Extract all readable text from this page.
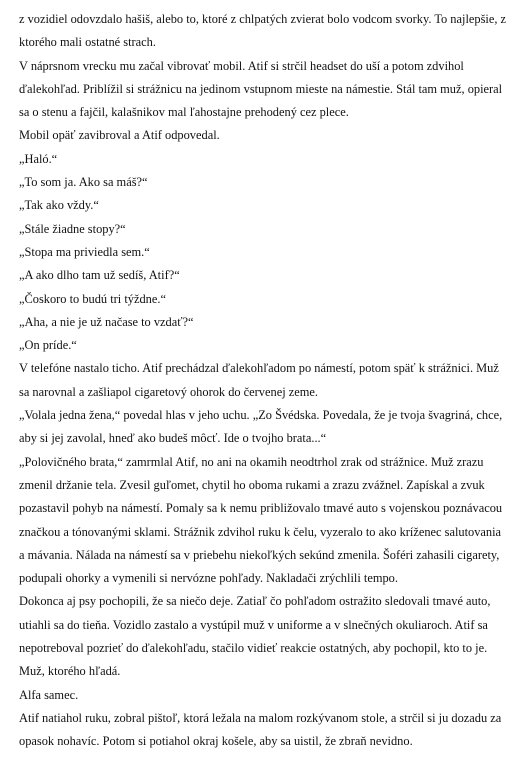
z vozidiel odovzdalo hašiš, alebo to, ktoré z chlpatých zvierat bolo vodcom svorky. To najlepšie, z ktorého mali ostatné strach.

V náprsnom vrecku mu začal vibrovať mobil. Atif si strčil headset do uší a potom zdvihol ďalekohľad. Priblížil si strážnicu na jedinom vstupnom mieste na námestie. Stál tam muž, opieral sa o stenu a fajčil, kalašnikov mal ľahostajne prehodený cez plece.

Mobil opäť zavibroval a Atif odpovedal.

„Haló.“

„To som ja. Ako sa máš?“

„Tak ako vždy.“

„Stále žiadne stopy?“

„Stopa ma priviedla sem.“

„A ako dlho tam už sedíš, Atif?“

„Čoskoro to budú tri týždne.“

„Aha, a nie je už načase to vzdať?“

„On príde.“

V telefóne nastalo ticho. Atif prechádzal ďalekohľadom po námestí, potom späť k strážnici. Muž sa narovnal a zašliapol cigaretový ohorok do červenej zeme.

„Volala jedna žena,“ povedal hlas v jeho uchu. „Zo Švédska. Povedala, že je tvoja švagriná, chce, aby si jej zavolal, hneď ako budeš môcť. Ide o tvojho brata...“

„Polovičného brata,“ zamrmlal Atif, no ani na okamih neodtrhol zrak od strážnice. Muž zrazu zmenil držanie tela. Zvesil guľomet, chytil ho oboma rukami a zrazu zvážnel. Zapískal a zvuk pozastavil pohyb na námestí. Pomaly sa k nemu približovalo tmavé auto s vojenskou poznávacou značkou a tónovanými sklami. Strážnik zdvihol ruku k čelu, vyzeralo to ako kríženec salutovania a mávania. Nálada na námestí sa v priebehu niekoľkých sekúnd zmenila. Šoféri zahasili cigarety, podupali ohorky a vymenili si nervózne pohľady. Nakladači zrýchlili tempo.

Dokonca aj psy pochopili, že sa niečo deje. Zatiaľ čo pohľadom ostražito sledovali tmavé auto, utiahli sa do tieňa. Vozidlo zastalo a vystúpil muž v uniforme a v slnečných okuliaroch. Atif sa nepotreboval pozrieť do ďalekohľadu, stačilo vidieť reakcie ostatných, aby pochopil, kto to je.

Muž, ktorého hľadá.

Alfa samec.

Atif natiahol ruku, zobral pištoľ, ktorá ležala na malom rozkývanom stole, a strčil si ju dozadu za opasok nohavíc. Potom si potiahol okraj košele, aby sa uistil, že zbraň nevidno.
